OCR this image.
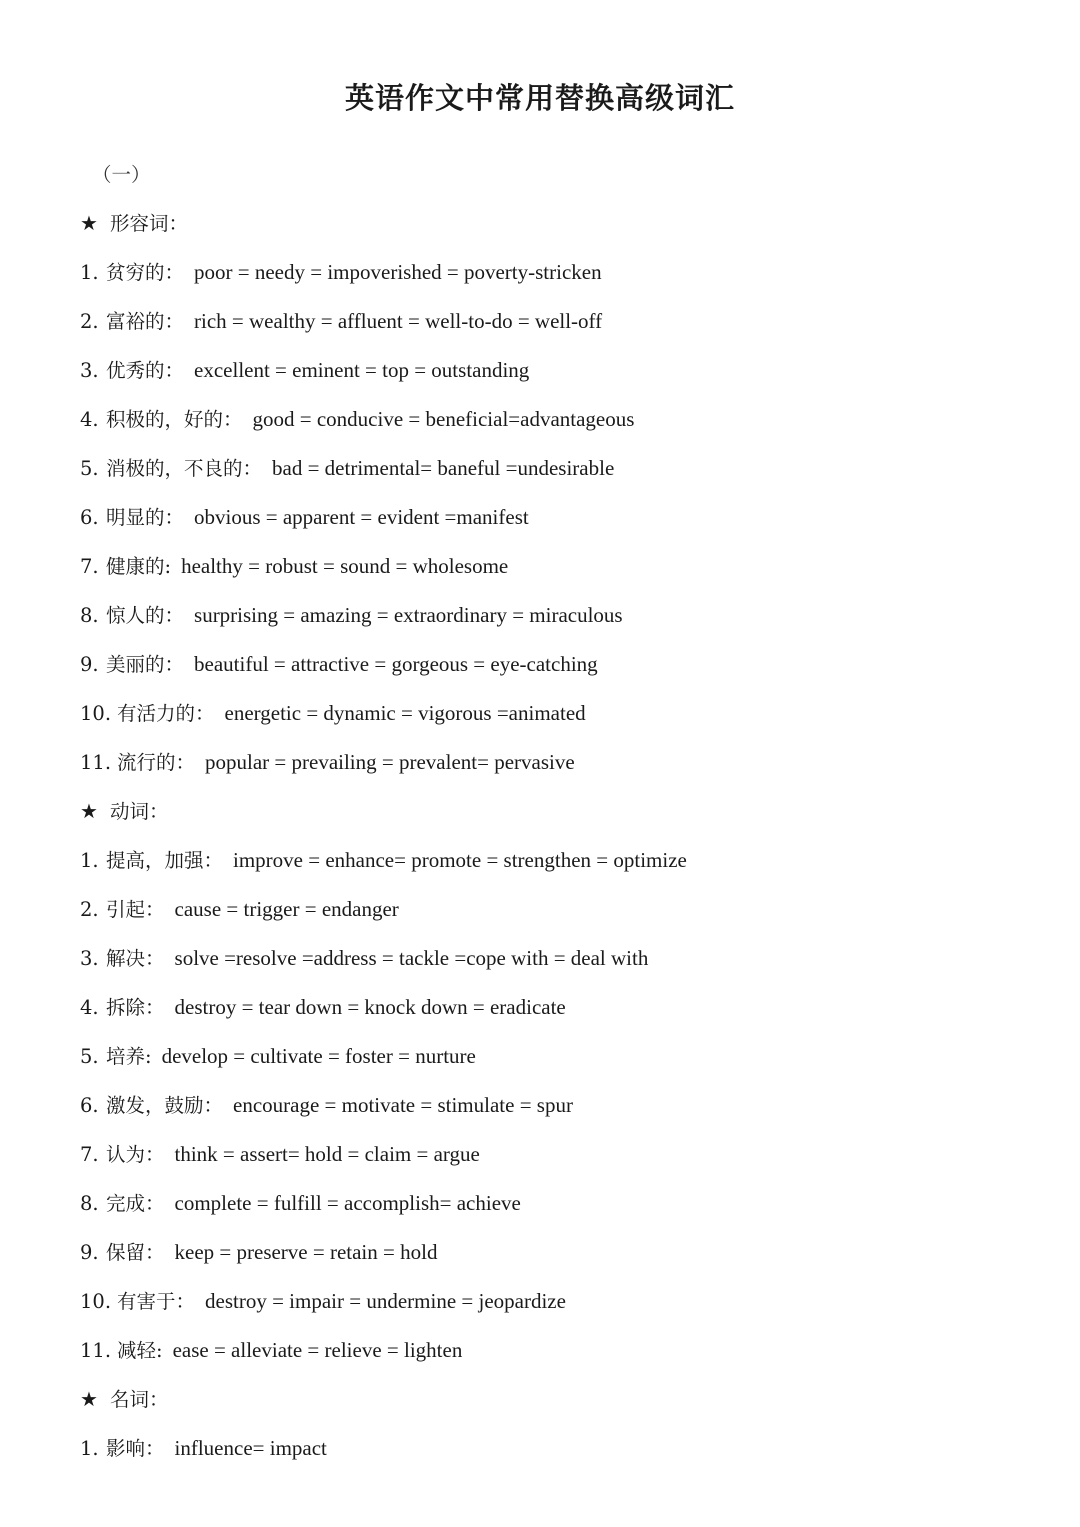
英语作文中常用替换高级词汇
（一）
★ 形容词：
1. 贫穷的： poor = needy = impoverished = poverty-stricken
2. 富裕的： rich = wealthy = affluent = well-to-do = well-off
3. 优秀的： excellent = eminent = top = outstanding
4. 积极的，好的： good = conducive = beneficial=advantageous
5. 消极的，不良的： bad = detrimental= baneful =undesirable
6. 明显的： obvious = apparent = evident =manifest
7. 健康的: healthy = robust = sound = wholesome
8. 惊人的： surprising = amazing = extraordinary = miraculous
9. 美丽的： beautiful = attractive = gorgeous = eye-catching
10. 有活力的： energetic = dynamic = vigorous =animated
11. 流行的： popular = prevailing = prevalent= pervasive
★ 动词：
1. 提高，加强： improve = enhance= promote = strengthen = optimize
2. 引起： cause = trigger = endanger
3. 解决： solve =resolve =address = tackle =cope with = deal with
4. 拆除： destroy = tear down = knock down = eradicate
5. 培养: develop = cultivate = foster = nurture
6. 激发，鼓励： encourage = motivate = stimulate = spur
7. 认为： think = assert= hold = claim = argue
8. 完成： complete = fulfill = accomplish= achieve
9. 保留： keep = preserve = retain = hold
10. 有害于： destroy = impair = undermine = jeopardize
11. 减轻: ease = alleviate = relieve = lighten
★ 名词：
1. 影响： influence= impact
